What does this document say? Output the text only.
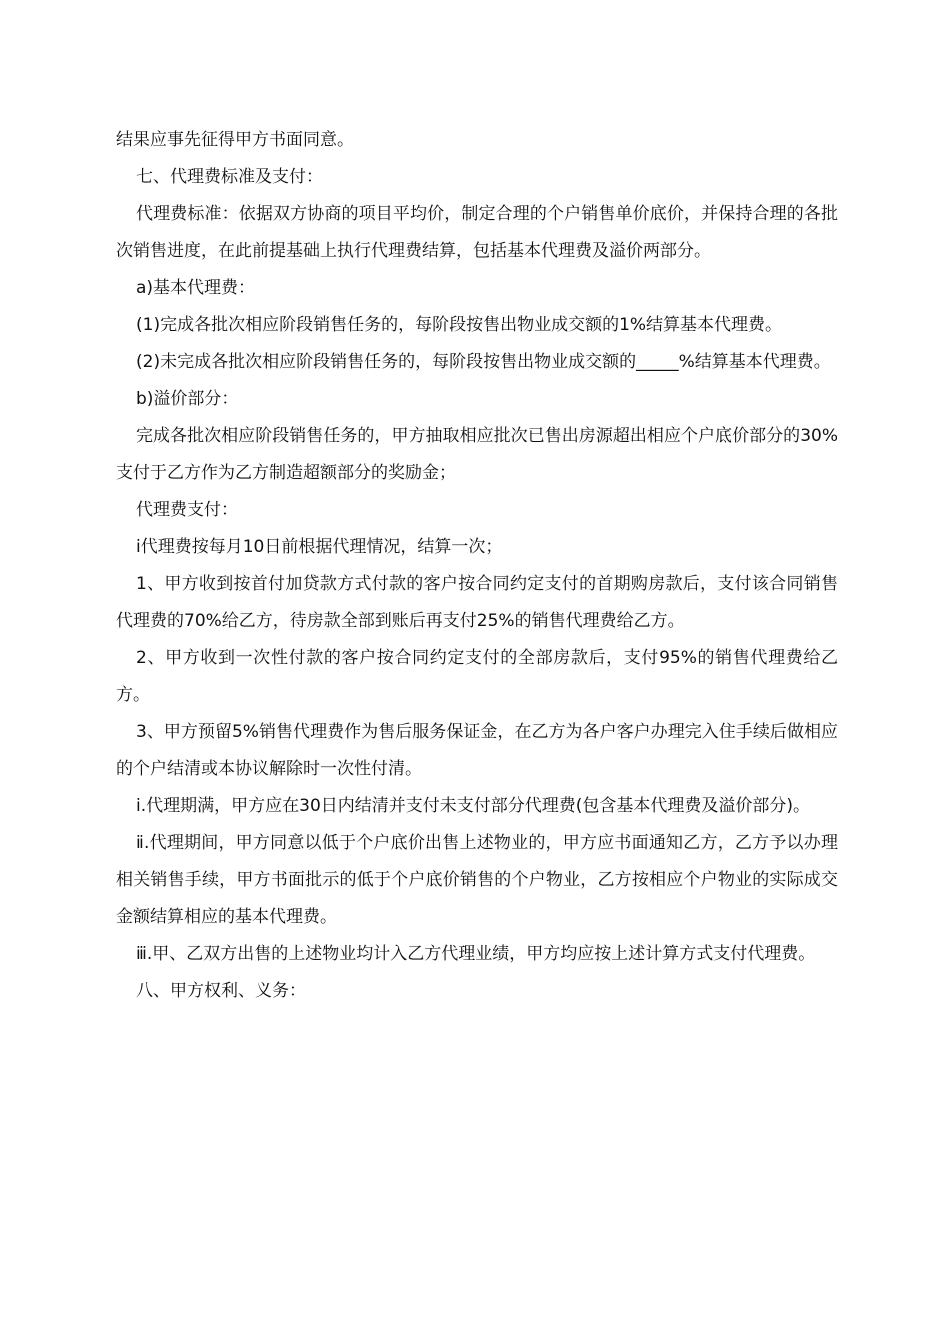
结果应事先征得甲方书面同意。

七、代理费标准及支付：

代理费标准：依据双方协商的项目平均价，制定合理的个户销售单价底价，并保持合理的各批次销售进度，在此前提基础上执行代理费结算，包括基本代理费及溢价两部分。

a)基本代理费：

(1)完成各批次相应阶段销售任务的，每阶段按售出物业成交额的1%结算基本代理费。

(2)未完成各批次相应阶段销售任务的，每阶段按售出物业成交额的_____%结算基本代理费。

b)溢价部分：

完成各批次相应阶段销售任务的，甲方抽取相应批次已售出房源超出相应个户底价部分的30%支付于乙方作为乙方制造超额部分的奖励金；

代理费支付：

ⅰ代理费按每月10日前根据代理情况，结算一次；

1、甲方收到按首付加贷款方式付款的客户按合同约定支付的首期购房款后，支付该合同销售代理费的70%给乙方，待房款全部到账后再支付25%的销售代理费给乙方。

2、甲方收到一次性付款的客户按合同约定支付的全部房款后，支付95%的销售代理费给乙方。

3、甲方预留5%销售代理费作为售后服务保证金，在乙方为各户客户办理完入住手续后做相应的个户结清或本协议解除时一次性付清。

ⅰ.代理期满，甲方应在30日内结清并支付未支付部分代理费(包含基本代理费及溢价部分)。

ⅱ.代理期间，甲方同意以低于个户底价出售上述物业的，甲方应书面通知乙方，乙方予以办理相关销售手续，甲方书面批示的低于个户底价销售的个户物业，乙方按相应个户物业的实际成交金额结算相应的基本代理费。

ⅲ.甲、乙双方出售的上述物业均计入乙方代理业绩，甲方均应按上述计算方式支付代理费。

八、甲方权利、义务：
